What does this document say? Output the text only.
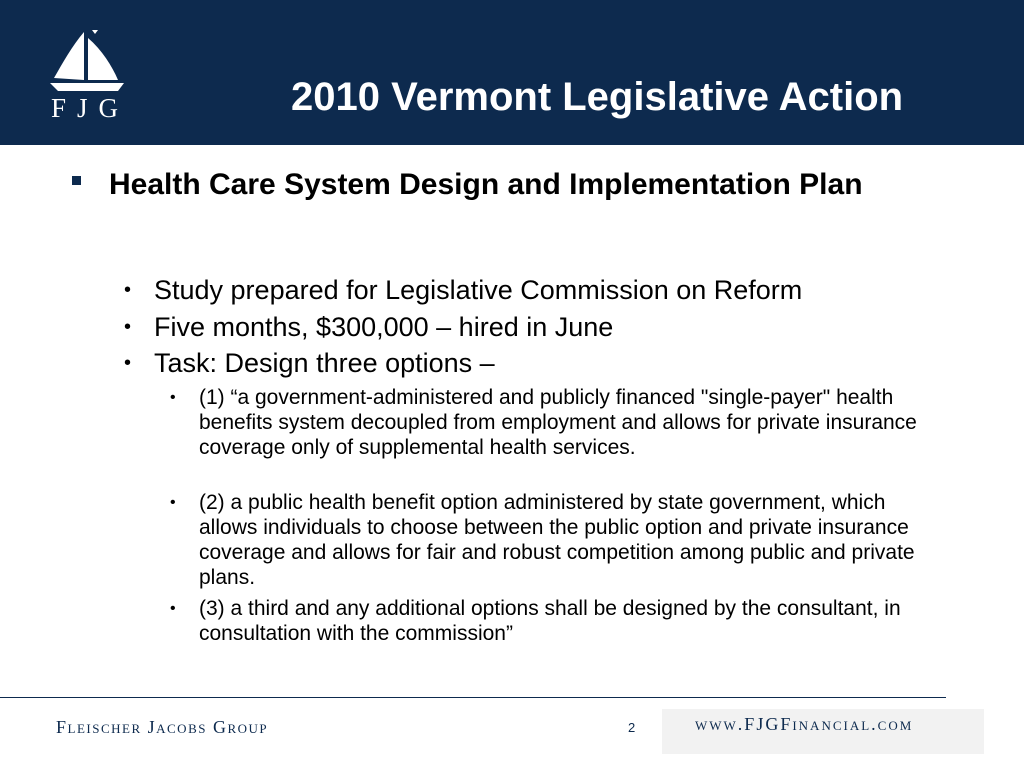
FJG	2010 Vermont Legislative Action
Health Care System Design and Implementation Plan
• Study prepared for Legislative Commission on Reform
• Five months, $300,000 – hired in June
• Task: Design three options –
• (1) “a government-administered and publicly financed "single-payer" health benefits system decoupled from employment and allows for private insurance coverage only of supplemental health services.
• (2) a public health benefit option administered by state government, which allows individuals to choose between the public option and private insurance coverage and allows for fair and robust competition among public and private plans.
• (3) a third and any additional options shall be designed by the consultant, in consultation with the commission”
Fleischer Jacobs Group	2	www.FJGFinancial.com
